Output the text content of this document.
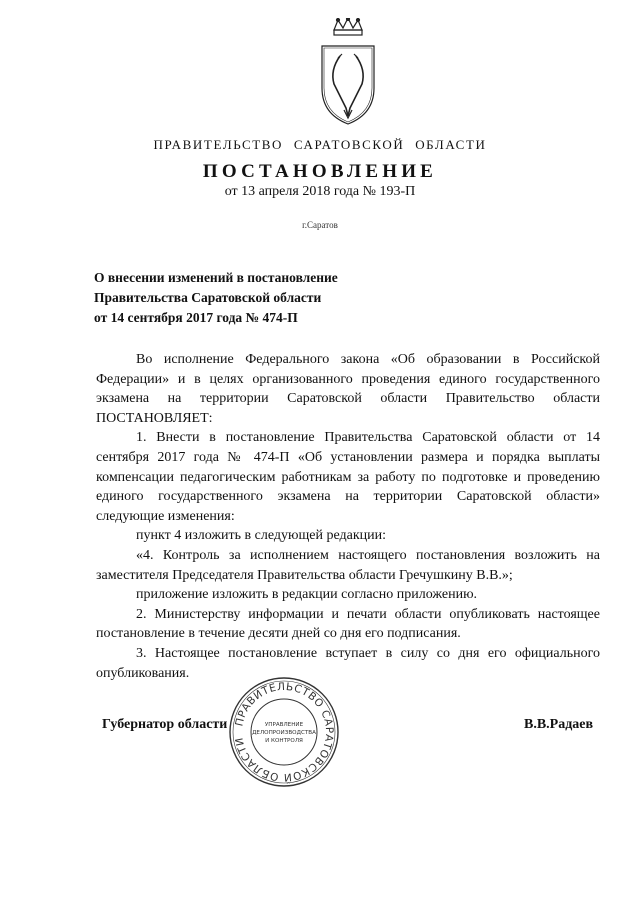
ПРАВИТЕЛЬСТВО САРАТОВСКОЙ ОБЛАСТИ
ПОСТАНОВЛЕНИЕ
от 13 апреля 2018 года № 193-П
г.Саратов
О внесении изменений в постановление
Правительства Саратовской области
от 14 сентября 2017 года № 474-П

Во исполнение Федерального закона «Об образовании в Российской Федерации» и в целях организованного проведения единого государственного экзамена на территории Саратовской области Правительство области ПОСТАНОВЛЯЕТ:

1. Внести в постановление Правительства Саратовской области от 14 сентября 2017 года № 474-П «Об установлении размера и порядка выплаты компенсации педагогическим работникам за работу по подготовке и проведению единого государственного экзамена на территории Саратовской области» следующие изменения:

пункт 4 изложить в следующей редакции:

«4. Контроль за исполнением настоящего постановления возложить на заместителя Председателя Правительства области Гречушкину В.В.»;

приложение изложить в редакции согласно приложению.

2. Министерству информации и печати области опубликовать настоящее постановление в течение десяти дней со дня его подписания.

3. Настоящее постановление вступает в силу со дня его официального опубликования.

ПРАВИТЕЛЬСТВО САРАТОВСКОЙ ОБЛАСТИ
УПРАВЛЕНИЕ
ДЕЛОПРОИЗВОДСТВА
И КОНТРОЛЯ
Губернатор области	В.В.Радаев
